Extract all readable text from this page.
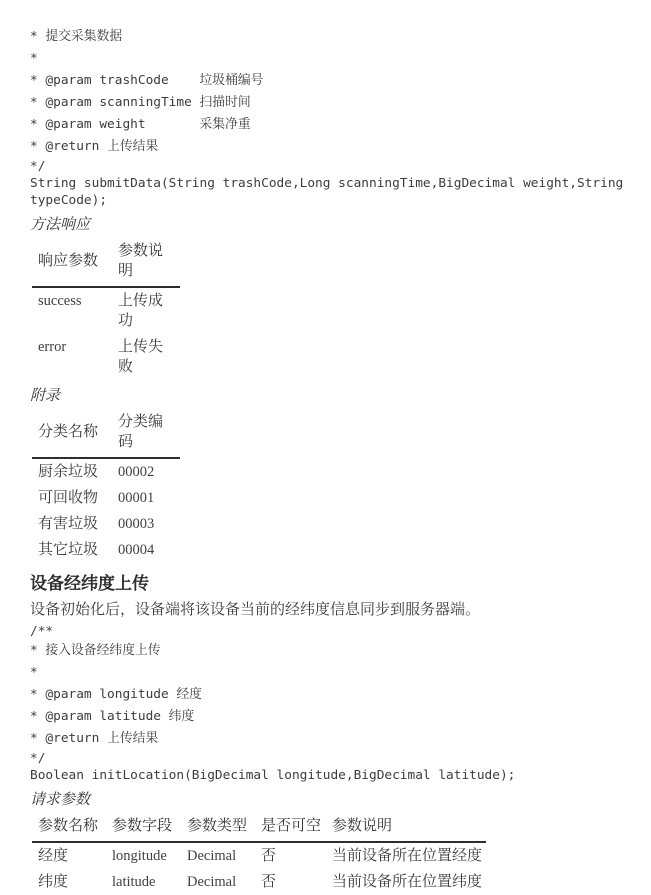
* 提交采集数据
*
* @param trashCode    垃圾桶编号
* @param scanningTime 扫描时间
* @param weight       采集净重
* @return 上传结果
*/
String submitData(String trashCode,Long scanningTime,BigDecimal weight,String
typeCode);
方法响应
响应参数	参数说明
success	上传成功
error	上传失败
附录
分类名称	分类编码
厨余垃圾	00002
可回收物	00001
有害垃圾	00003
其它垃圾	00004
设备经纬度上传

设备初始化后，设备端将该设备当前的经纬度信息同步到服务器端。

/**
* 接入设备经纬度上传
*
* @param longitude 经度
* @param latitude 纬度
* @return 上传结果
*/
Boolean initLocation(BigDecimal longitude,BigDecimal latitude);
请求参数
参数名称	参数字段	参数类型	是否可空	参数说明
经度	longitude	Decimal	否	当前设备所在位置经度
纬度	latitude	Decimal	否	当前设备所在位置纬度
